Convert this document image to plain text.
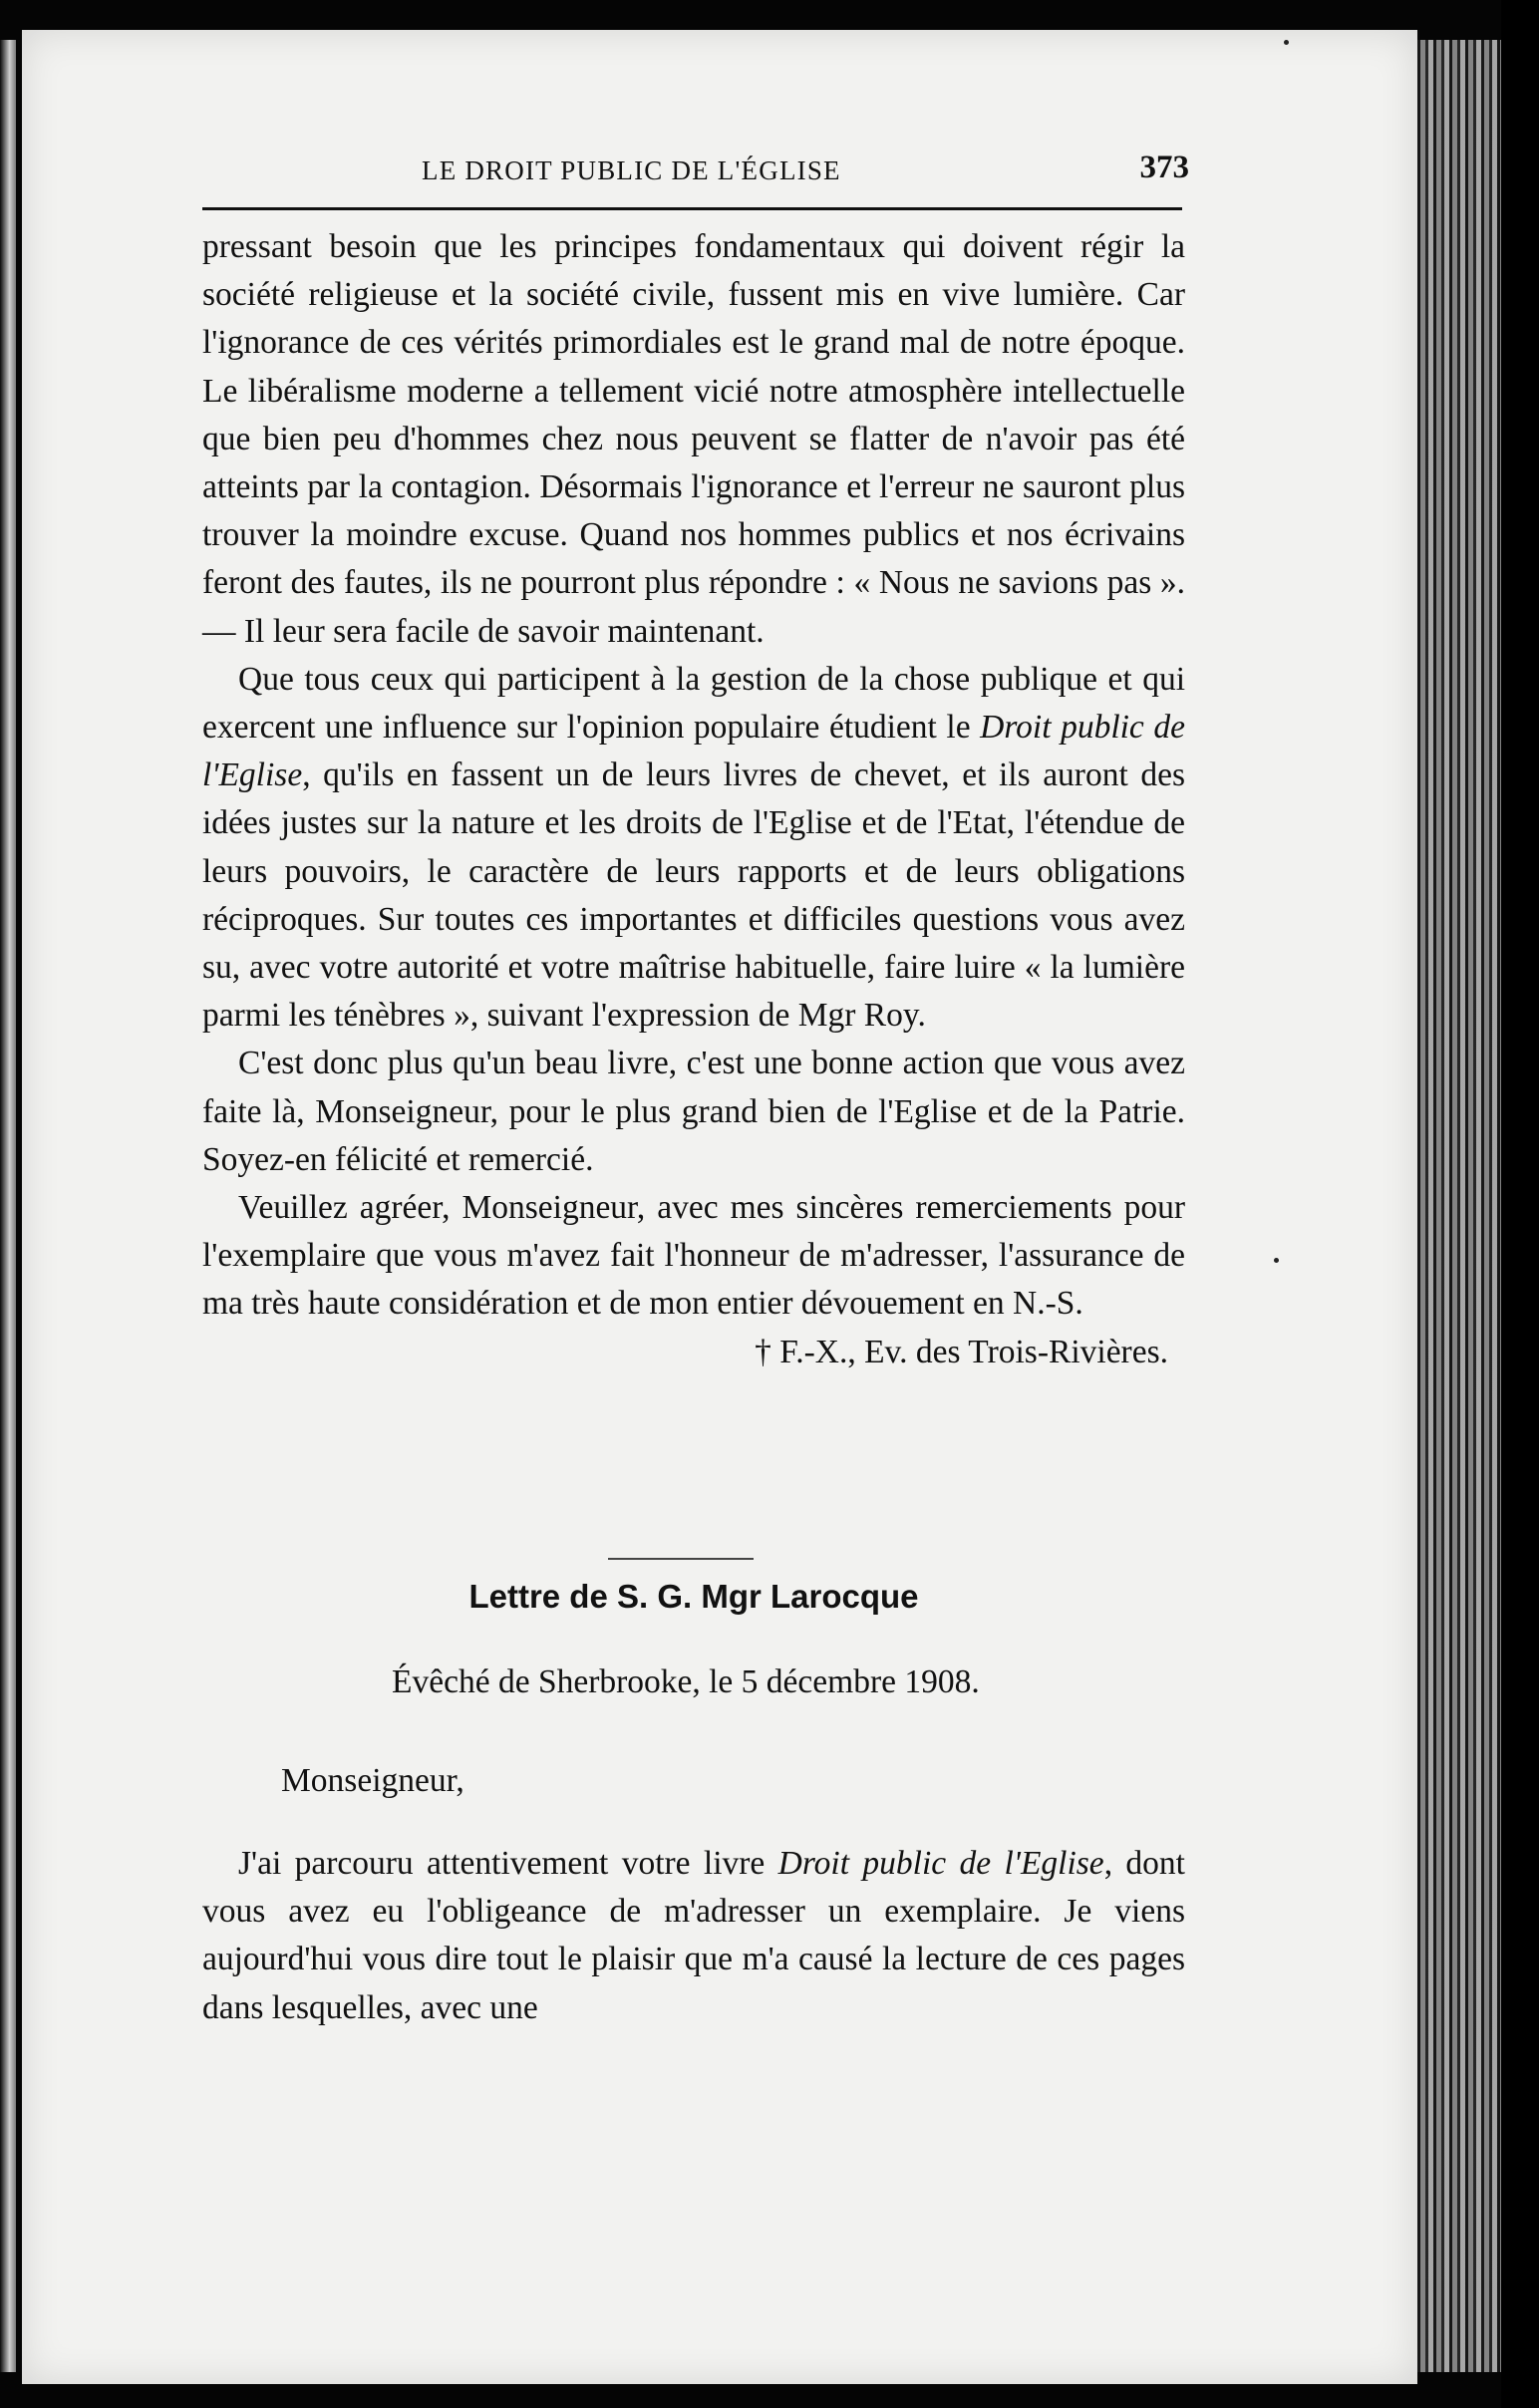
LE DROIT PUBLIC DE L'ÉGLISE	373

pressant besoin que les principes fondamentaux qui doivent régir la société religieuse et la société civile, fussent mis en vive lumière. Car l'ignorance de ces vérités primordiales est le grand mal de notre époque. Le libéralisme moderne a tellement vicié notre atmosphère intellectuelle que bien peu d'hommes chez nous peuvent se flatter de n'avoir pas été atteints par la contagion. Désormais l'ignorance et l'erreur ne sauront plus trouver la moindre excuse. Quand nos hommes publics et nos écrivains feront des fautes, ils ne pourront plus répondre : « Nous ne savions pas ». — Il leur sera facile de savoir maintenant.

Que tous ceux qui participent à la gestion de la chose publique et qui exercent une influence sur l'opinion populaire étudient le Droit public de l'Eglise, qu'ils en fassent un de leurs livres de chevet, et ils auront des idées justes sur la nature et les droits de l'Eglise et de l'Etat, l'étendue de leurs pouvoirs, le caractère de leurs rapports et de leurs obligations réciproques. Sur toutes ces importantes et difficiles questions vous avez su, avec votre autorité et votre maîtrise habituelle, faire luire « la lumière parmi les ténèbres », suivant l'expression de Mgr Roy.

C'est donc plus qu'un beau livre, c'est une bonne action que vous avez faite là, Monseigneur, pour le plus grand bien de l'Eglise et de la Patrie. Soyez-en félicité et remercié.

Veuillez agréer, Monseigneur, avec mes sincères remerciements pour l'exemplaire que vous m'avez fait l'honneur de m'adresser, l'assurance de ma très haute considération et de mon entier dévouement en N.-S.

† F.-X., Ev. des Trois-Rivières.

Lettre de S. G. Mgr Larocque
Évêché de Sherbrooke, le 5 décembre 1908.
Monseigneur,

J'ai parcouru attentivement votre livre Droit public de l'Eglise, dont vous avez eu l'obligeance de m'adresser un exemplaire. Je viens aujourd'hui vous dire tout le plaisir que m'a causé la lecture de ces pages dans lesquelles, avec une
